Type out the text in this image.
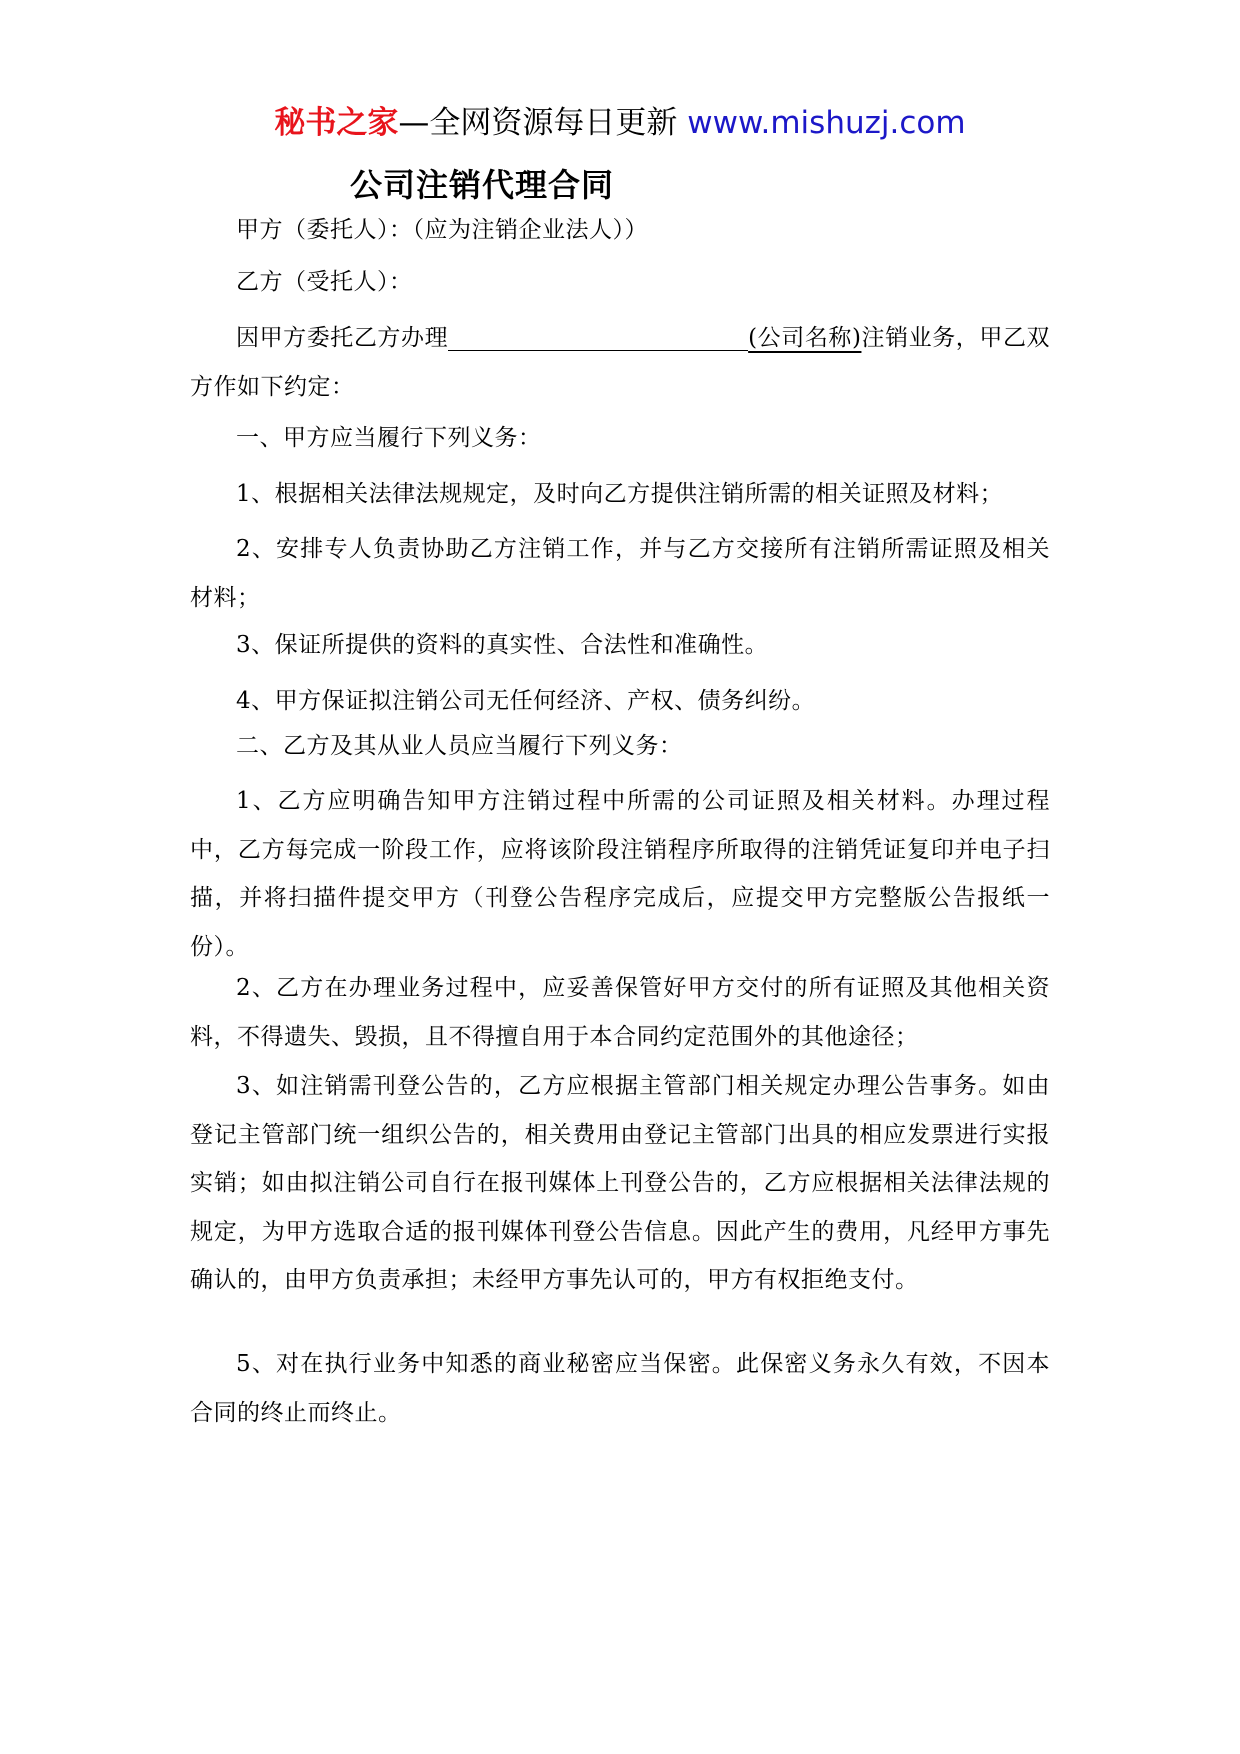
秘书之家—全网资源每日更新 www.mishuzj.com
公司注销代理合同

甲方（委托人）：（应为注销企业法人））

乙方（受托人）：

因甲方委托乙方办理	(公司名称)注销业务，甲乙双方作如下约定：

一、甲方应当履行下列义务：

1、根据相关法律法规规定，及时向乙方提供注销所需的相关证照及材料；

2、安排专人负责协助乙方注销工作，并与乙方交接所有注销所需证照及相关材料；

3、保证所提供的资料的真实性、合法性和准确性。

4、甲方保证拟注销公司无任何经济、产权、债务纠纷。

二、乙方及其从业人员应当履行下列义务：

1、乙方应明确告知甲方注销过程中所需的公司证照及相关材料。办理过程中，乙方每完成一阶段工作，应将该阶段注销程序所取得的注销凭证复印并电子扫描，并将扫描件提交甲方（刊登公告程序完成后，应提交甲方完整版公告报纸一份）。

2、乙方在办理业务过程中，应妥善保管好甲方交付的所有证照及其他相关资料，不得遗失、毁损，且不得擅自用于本合同约定范围外的其他途径；

3、如注销需刊登公告的，乙方应根据主管部门相关规定办理公告事务。如由登记主管部门统一组织公告的，相关费用由登记主管部门出具的相应发票进行实报实销；如由拟注销公司自行在报刊媒体上刊登公告的，乙方应根据相关法律法规的规定，为甲方选取合适的报刊媒体刊登公告信息。因此产生的费用，凡经甲方事先确认的，由甲方负责承担；未经甲方事先认可的，甲方有权拒绝支付。

5、对在执行业务中知悉的商业秘密应当保密。此保密义务永久有效，不因本合同的终止而终止。
